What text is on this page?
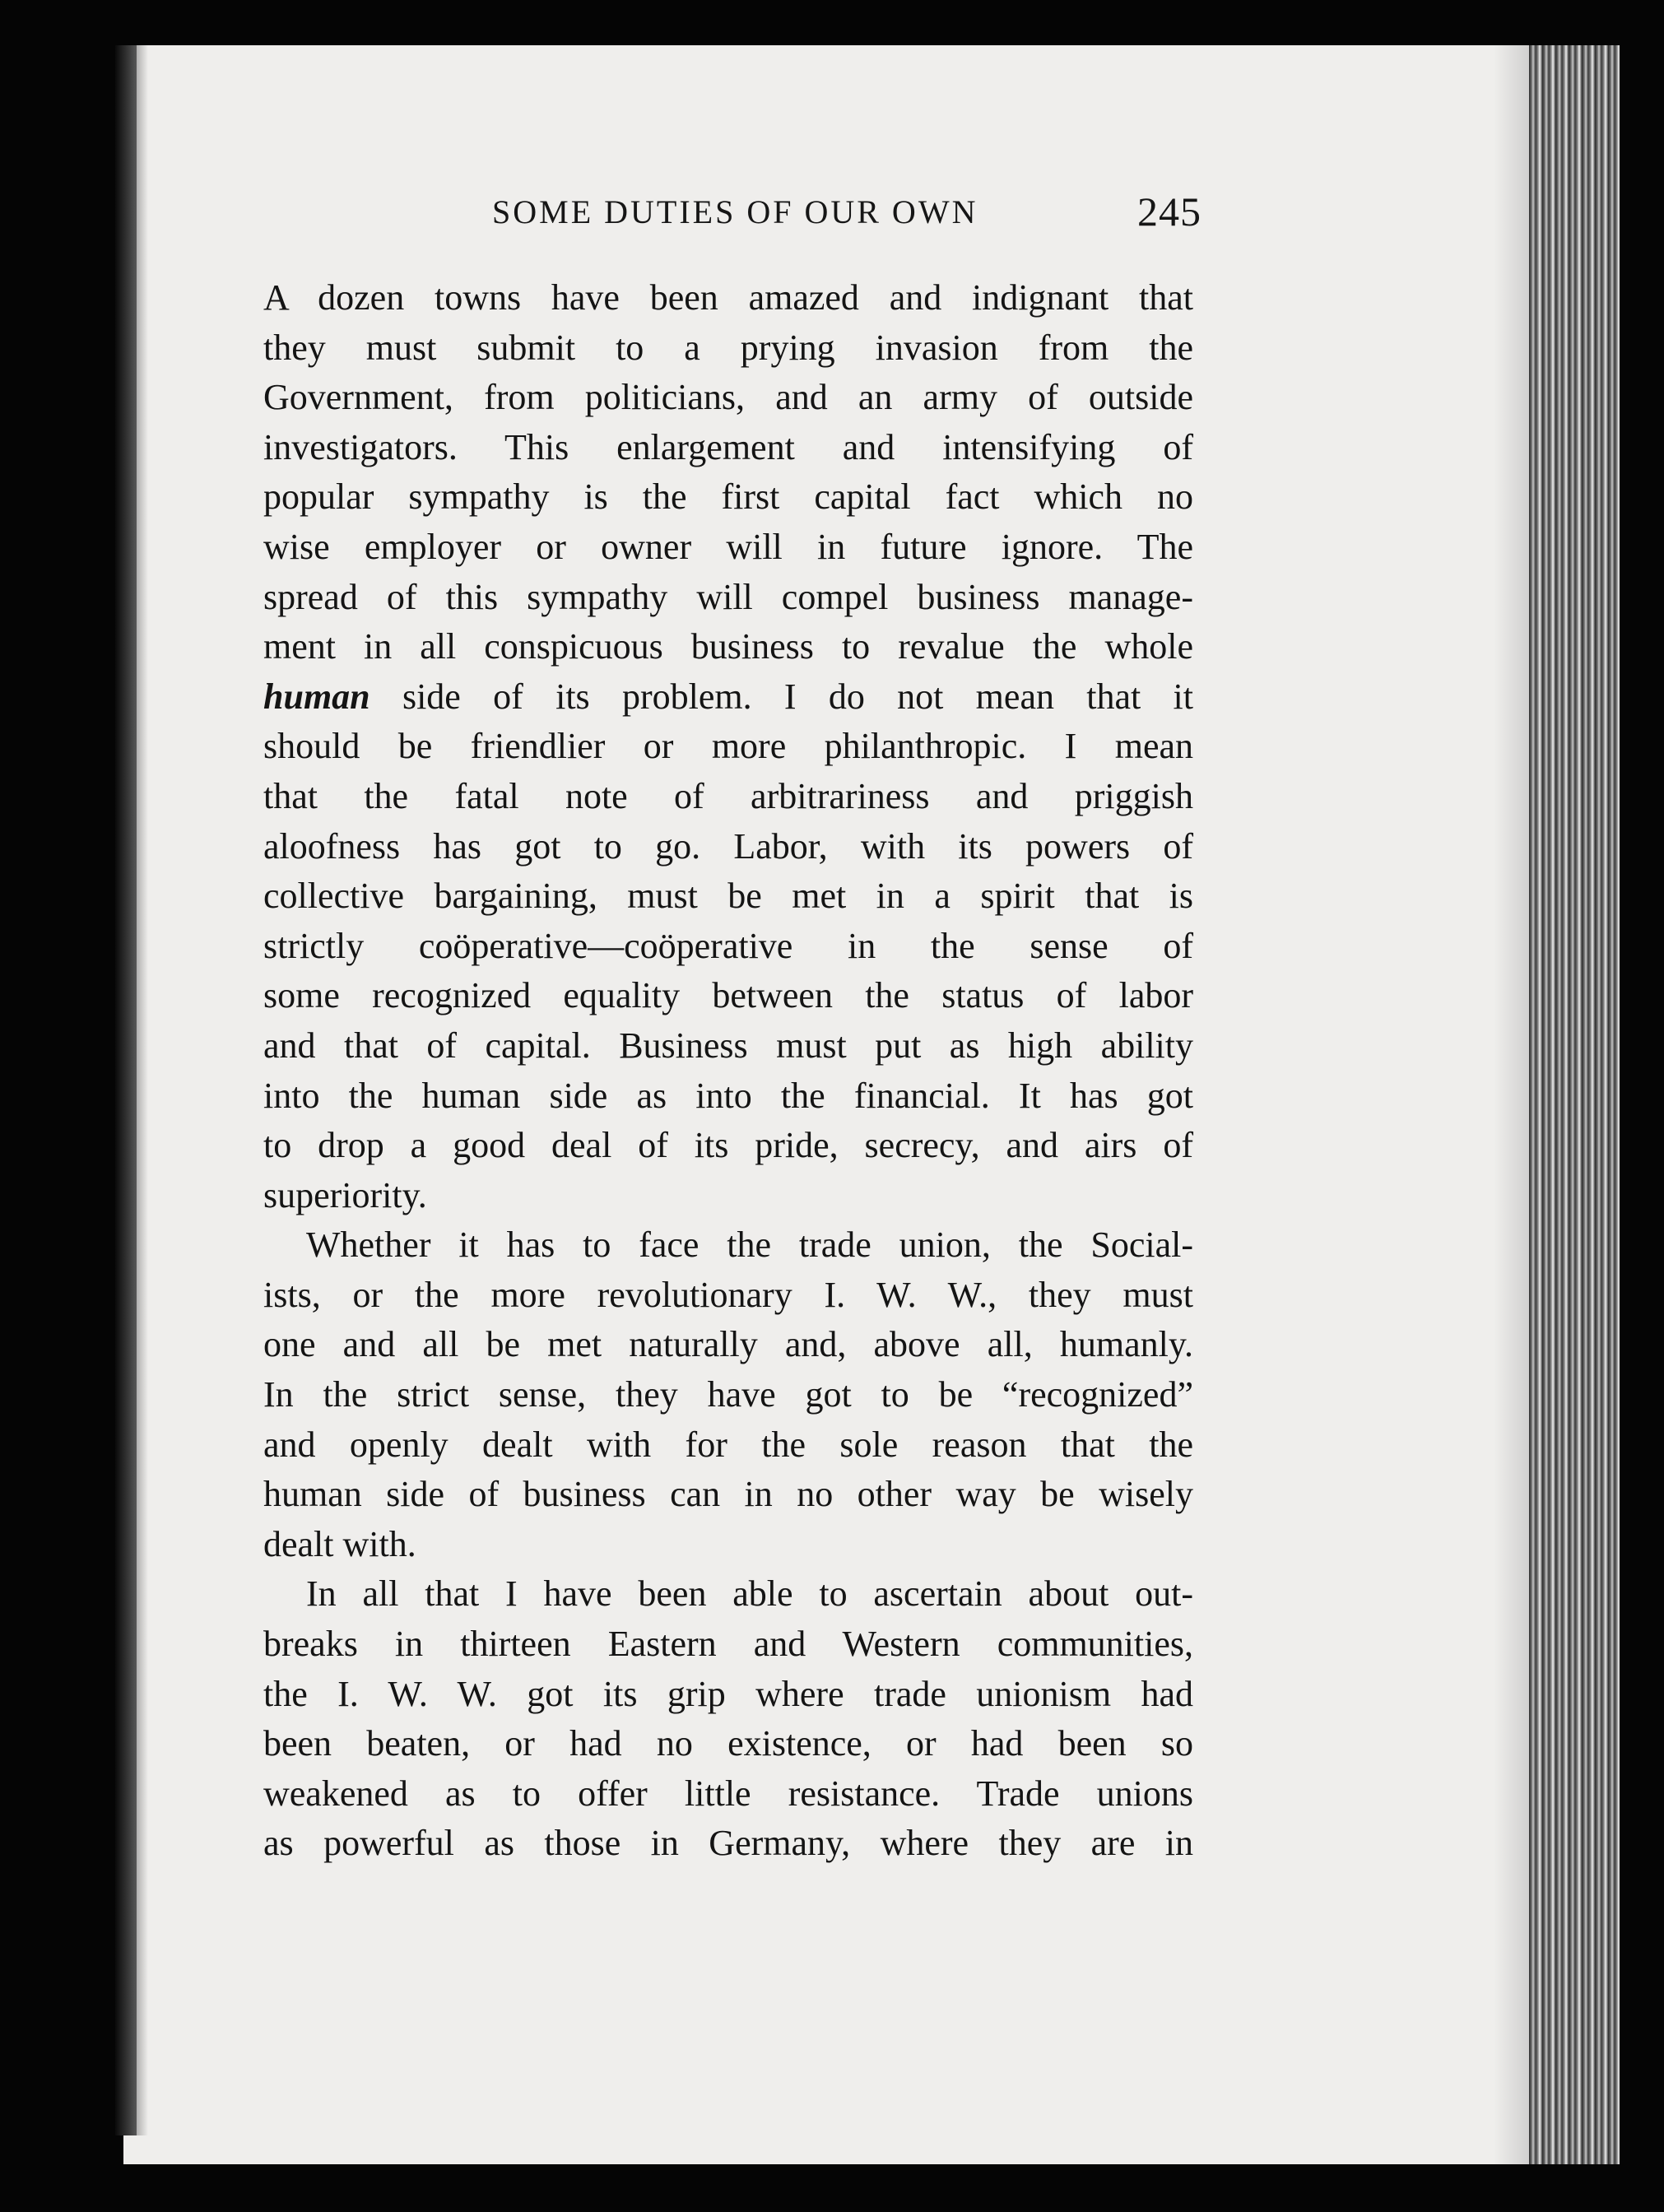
SOME DUTIES OF OUR OWN	245
A dozen towns have been amazed and indignant that
they must submit to a prying invasion from the
Government, from politicians, and an army of outside
investigators. This enlargement and intensifying of
popular sympathy is the first capital fact which no
wise employer or owner will in future ignore. The
spread of this sympathy will compel business manage-
ment in all conspicuous business to revalue the whole
human side of its problem. I do not mean that it
should be friendlier or more philanthropic. I mean
that the fatal note of arbitrariness and priggish
aloofness has got to go. Labor, with its powers of
collective bargaining, must be met in a spirit that is
strictly coöperative—coöperative in the sense of
some recognized equality between the status of labor
and that of capital. Business must put as high ability
into the human side as into the financial. It has got
to drop a good deal of its pride, secrecy, and airs of
superiority.
Whether it has to face the trade union, the Social-
ists, or the more revolutionary I. W. W., they must
one and all be met naturally and, above all, humanly.
In the strict sense, they have got to be “recognized”
and openly dealt with for the sole reason that the
human side of business can in no other way be wisely
dealt with.
In all that I have been able to ascertain about out-
breaks in thirteen Eastern and Western communities,
the I. W. W. got its grip where trade unionism had
been beaten, or had no existence, or had been so
weakened as to offer little resistance. Trade unions
as powerful as those in Germany, where they are in
